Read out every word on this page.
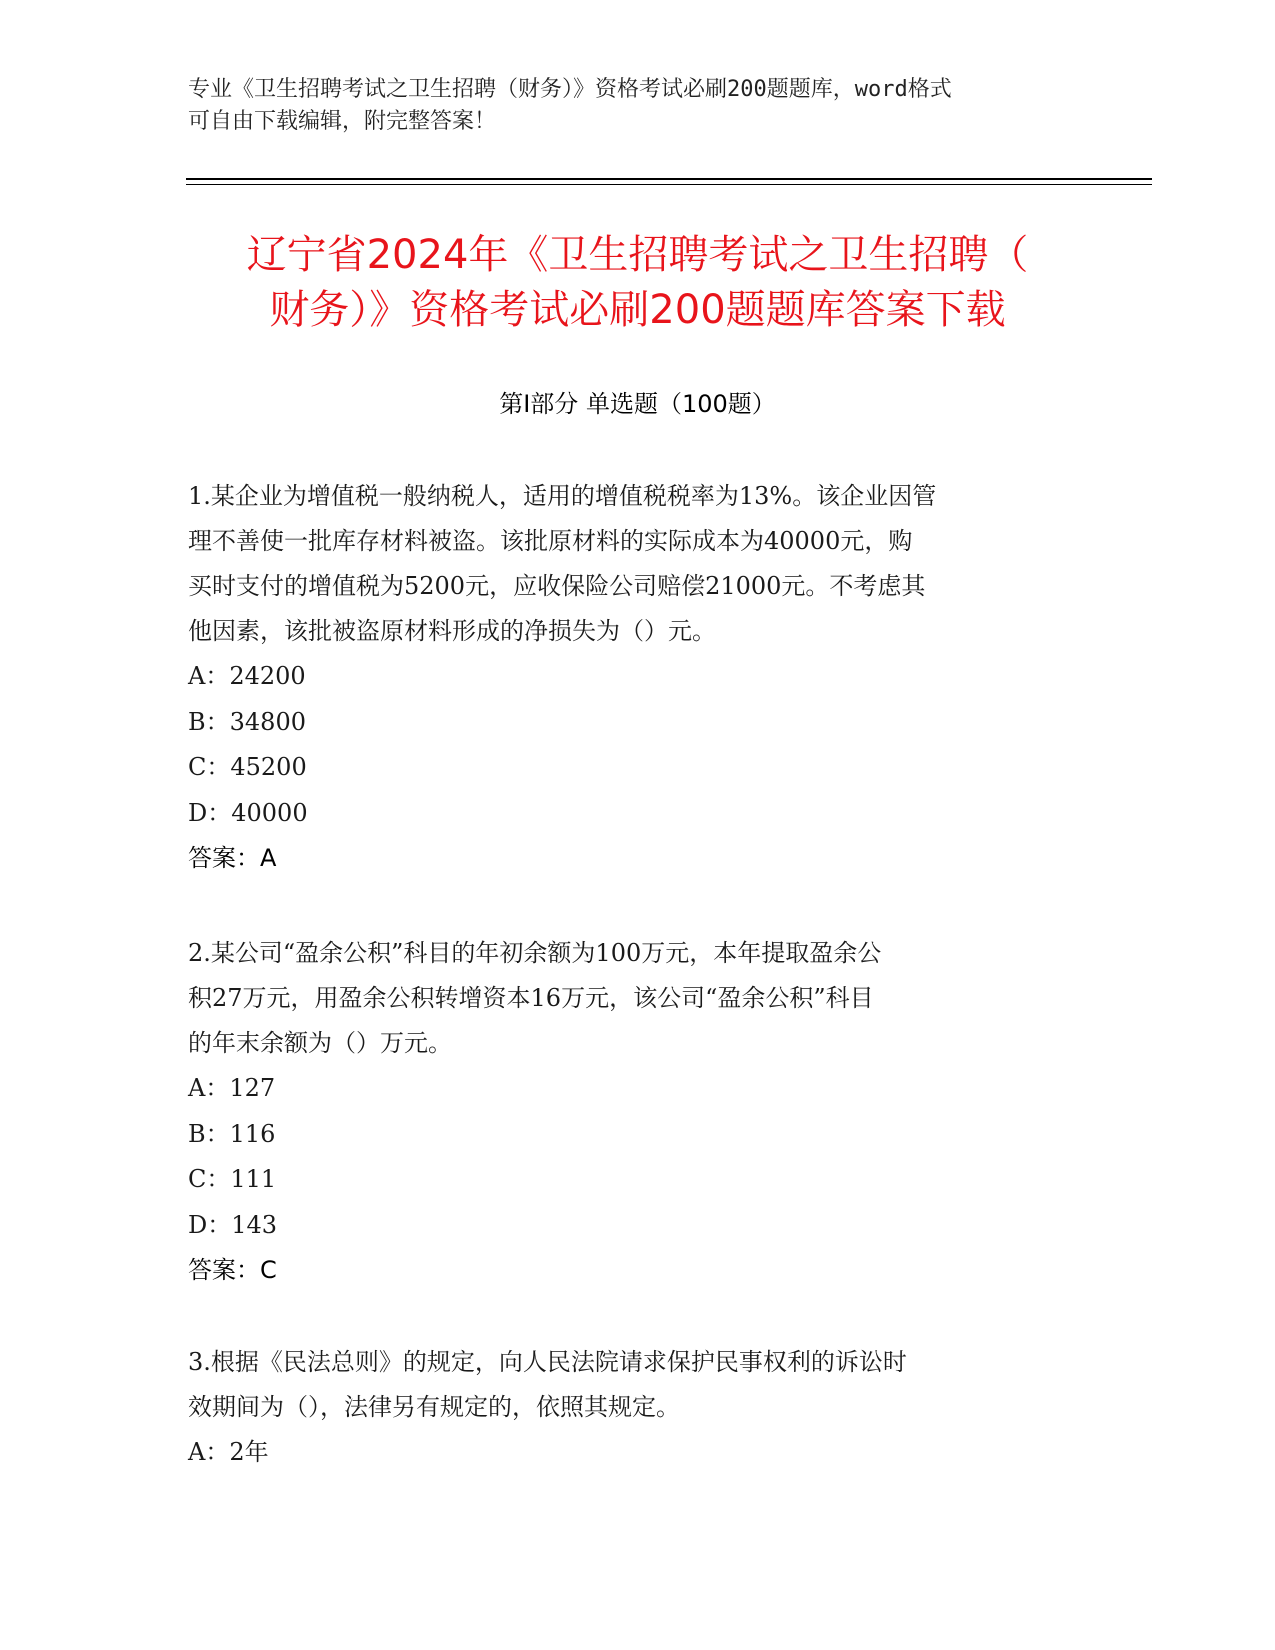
专业《卫生招聘考试之卫生招聘（财务）》资格考试必刷200题题库，word格式
可自由下载编辑，附完整答案！
辽宁省2024年《卫生招聘考试之卫生招聘（
财务）》资格考试必刷200题题库答案下载
第Ⅰ部分 单选题（100题）
1.某企业为增值税一般纳税人，适用的增值税税率为13%。该企业因管
理不善使一批库存材料被盗。该批原材料的实际成本为40000元，购
买时支付的增值税为5200元，应收保险公司赔偿21000元。不考虑其
他因素，该批被盗原材料形成的净损失为（）元。
A：24200
B：34800
C：45200
D：40000
答案：A
2.某公司“盈余公积”科目的年初余额为100万元，本年提取盈余公
积27万元，用盈余公积转增资本16万元，该公司“盈余公积”科目
的年末余额为（）万元。
A：127
B：116
C：111
D：143
答案：C
3.根据《民法总则》的规定，向人民法院请求保护民事权利的诉讼时
效期间为（），法律另有规定的，依照其规定。
A：2年
